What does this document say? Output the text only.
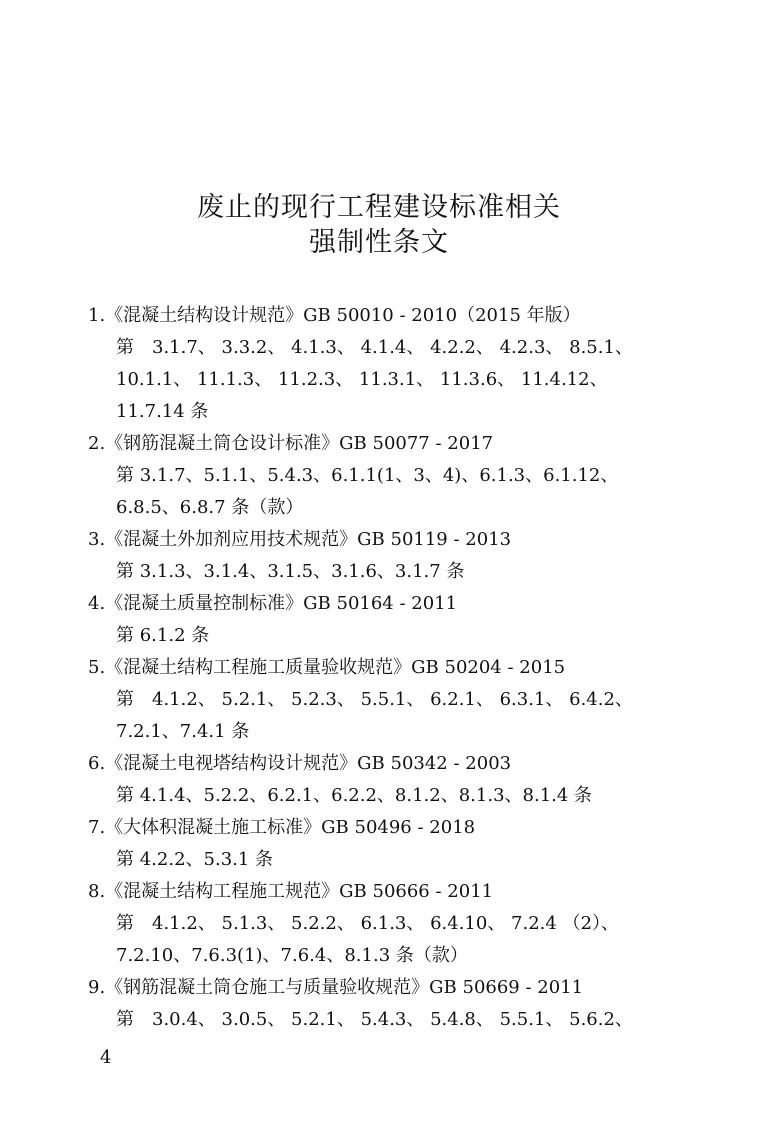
废止的现行工程建设标准相关
强制性条文
1.《混凝土结构设计规范》GB 50010 - 2010（2015 年版）
第　3.1.7、 3.3.2、 4.1.3、 4.1.4、 4.2.2、 4.2.3、 8.5.1、
10.1.1、 11.1.3、 11.2.3、 11.3.1、 11.3.6、 11.4.12、
11.7.14 条
2.《钢筋混凝土筒仓设计标准》GB 50077 - 2017
第 3.1.7、5.1.1、5.4.3、6.1.1(1、3、4)、6.1.3、6.1.12、
6.8.5、6.8.7 条（款）
3.《混凝土外加剂应用技术规范》GB 50119 - 2013
第 3.1.3、3.1.4、3.1.5、3.1.6、3.1.7 条
4.《混凝土质量控制标准》GB 50164 - 2011
第 6.1.2 条
5.《混凝土结构工程施工质量验收规范》GB 50204 - 2015
第　4.1.2、 5.2.1、 5.2.3、 5.5.1、 6.2.1、 6.3.1、 6.4.2、
7.2.1、7.4.1 条
6.《混凝土电视塔结构设计规范》GB 50342 - 2003
第 4.1.4、5.2.2、6.2.1、6.2.2、8.1.2、8.1.3、8.1.4 条
7.《大体积混凝土施工标准》GB 50496 - 2018
第 4.2.2、5.3.1 条
8.《混凝土结构工程施工规范》GB 50666 - 2011
第　4.1.2、 5.1.3、 5.2.2、 6.1.3、 6.4.10、 7.2.4 （2）、
7.2.10、7.6.3(1)、7.6.4、8.1.3 条（款）
9.《钢筋混凝土筒仓施工与质量验收规范》GB 50669 - 2011
第　3.0.4、 3.0.5、 5.2.1、 5.4.3、 5.4.8、 5.5.1、 5.6.2、
4
